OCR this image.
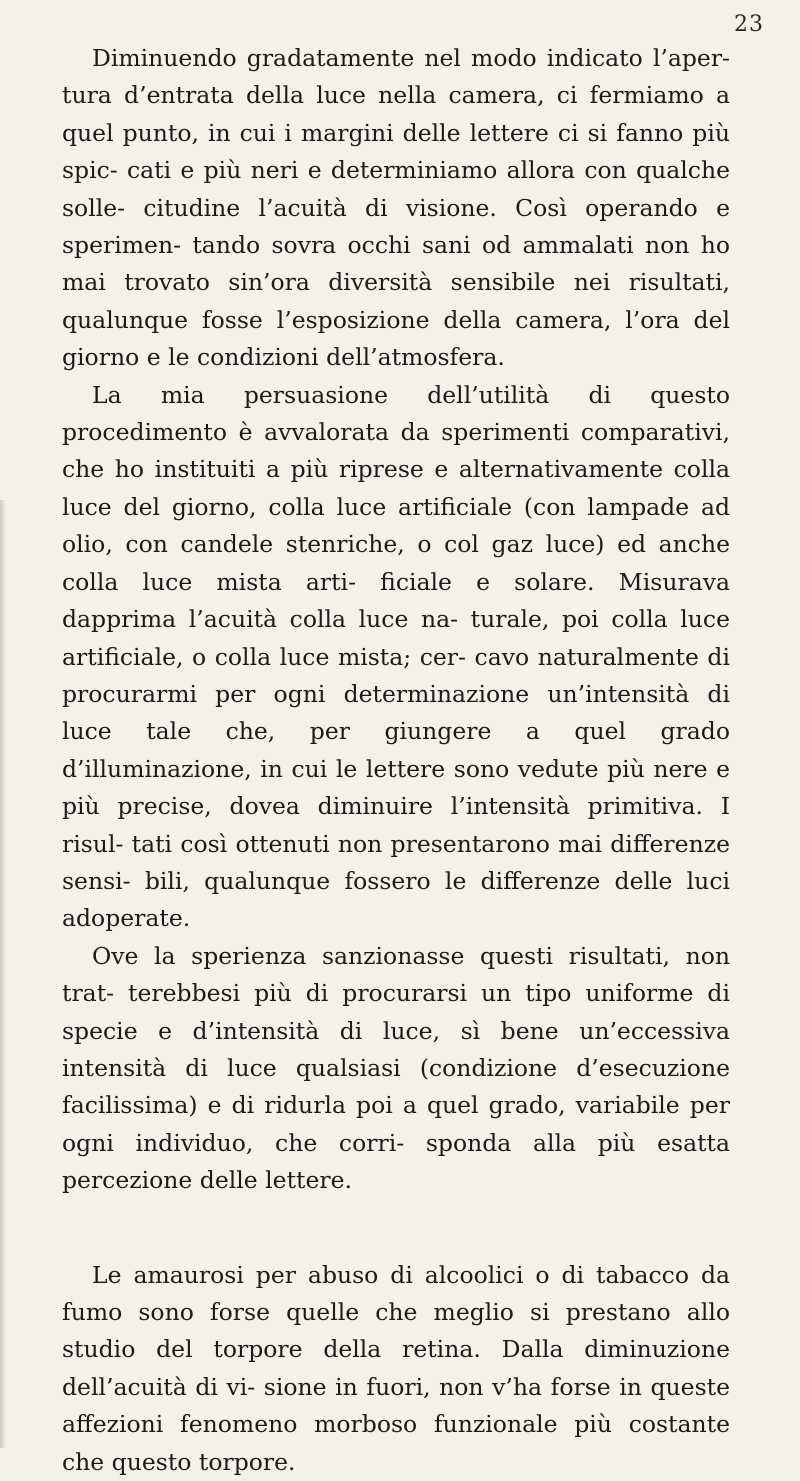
23

Diminuendo gradatamente nel modo indicato l’aper- tura d’entrata della luce nella camera, ci fermiamo a quel punto, in cui i margini delle lettere ci si fanno più spic- cati e più neri e determiniamo allora con qualche solle- citudine l’acuità di visione. Così operando e sperimen- tando sovra occhi sani od ammalati non ho mai trovato sin’ora diversità sensibile nei risultati, qualunque fosse l’esposizione della camera, l’ora del giorno e le condizioni dell’atmosfera.

La mia persuasione dell’utilità di questo procedimento è avvalorata da sperimenti comparativi, che ho instituiti a più riprese e alternativamente colla luce del giorno, colla luce artificiale (con lampade ad olio, con candele stenriche, o col gaz luce) ed anche colla luce mista arti- ficiale e solare. Misurava dapprima l’acuità colla luce na- turale, poi colla luce artificiale, o colla luce mista; cer- cavo naturalmente di procurarmi per ogni determinazione un’intensità di luce tale che, per giungere a quel grado d’illuminazione, in cui le lettere sono vedute più nere e più precise, dovea diminuire l’intensità primitiva. I risul- tati così ottenuti non presentarono mai differenze sensi- bili, qualunque fossero le differenze delle luci adoperate.

Ove la sperienza sanzionasse questi risultati, non trat- terebbesi più di procurarsi un tipo uniforme di specie e d’intensità di luce, sì bene un’eccessiva intensità di luce qualsiasi (condizione d’esecuzione facilissima) e di ridurla poi a quel grado, variabile per ogni individuo, che corri- sponda alla più esatta percezione delle lettere.

Le amaurosi per abuso di alcoolici o di tabacco da fumo sono forse quelle che meglio si prestano allo studio del torpore della retina. Dalla diminuzione dell’acuità di vi- sione in fuori, non v’ha forse in queste affezioni fenomeno morboso funzionale più costante che questo torpore.
